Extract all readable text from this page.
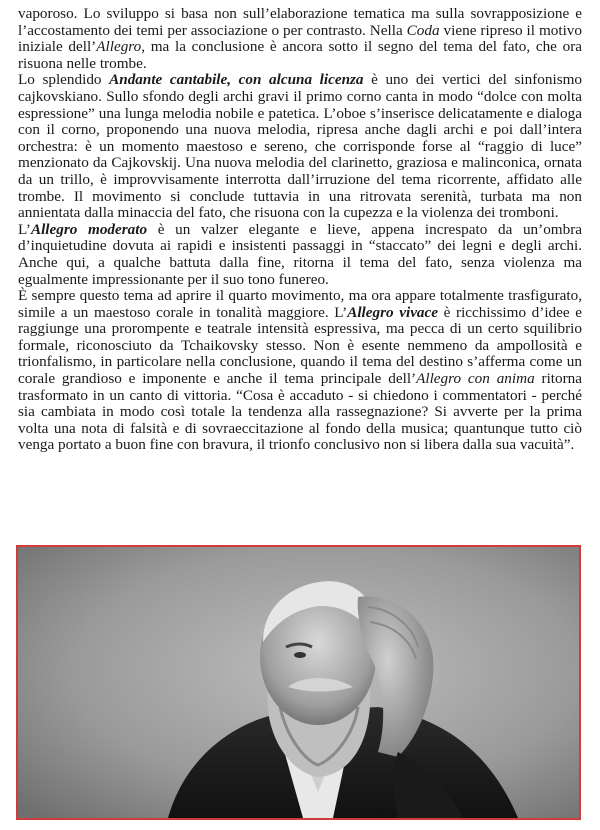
vaporoso. Lo sviluppo si basa non sull’elaborazione tematica ma sulla sovrapposizione e l’accostamento dei temi per associazione o per contrasto. Nella Coda viene ripreso il motivo iniziale dell’Allegro, ma la conclusione è ancora sotto il segno del tema del fato, che ora risuona nelle trombe.

Lo splendido Andante cantabile, con alcuna licenza è uno dei vertici del sinfonismo cajkovskiano. Sullo sfondo degli archi gravi il primo corno canta in modo “dolce con molta espressione” una lunga melodia nobile e patetica. L’oboe s’inserisce delicatamente e dialoga con il corno, proponendo una nuova melodia, ripresa anche dagli archi e poi dall’intera orchestra: è un momento maestoso e sereno, che corrisponde forse al “raggio di luce” menzionato da Cajkovskij. Una nuova melodia del clarinetto, graziosa e malinconica, ornata da un trillo, è improvvisamente interrotta dall’irruzione del tema ricorrente, affidato alle trombe. Il movimento si conclude tuttavia in una ritrovata serenità, turbata ma non annientata dalla minaccia del fato, che risuona con la cupezza e la violenza dei tromboni.

L’Allegro moderato è un valzer elegante e lieve, appena increspato da un’ombra d’inquietudine dovuta ai rapidi e insistenti passaggi in “staccato” dei legni e degli archi. Anche qui, a qualche battuta dalla fine, ritorna il tema del fato, senza violenza ma egualmente impressionante per il suo tono funereo.

È sempre questo tema ad aprire il quarto movimento, ma ora appare totalmente trasfigurato, simile a un maestoso corale in tonalità maggiore. L’Allegro vivace è ricchissimo d’idee e raggiunge una prorompente e teatrale intensità espressiva, ma pecca di un certo squilibrio formale, riconosciuto da Tchaikovsky stesso. Non è esente nemmeno da ampollosità e trionfalismo, in particolare nella conclusione, quando il tema del destino s’afferma come un corale grandioso e imponente e anche il tema principale dell’Allegro con anima ritorna trasformato in un canto di vittoria. “Cosa è accaduto - si chiedono i commentatori - perché sia cambiata in modo così totale la tendenza alla rassegnazione? Si avverte per la prima volta una nota di falsità e di sovraeccitazione al fondo della musica; quantunque tutto ciò venga portato a buon fine con bravura, il trionfo conclusivo non si libera dalla sua vacuità”.
